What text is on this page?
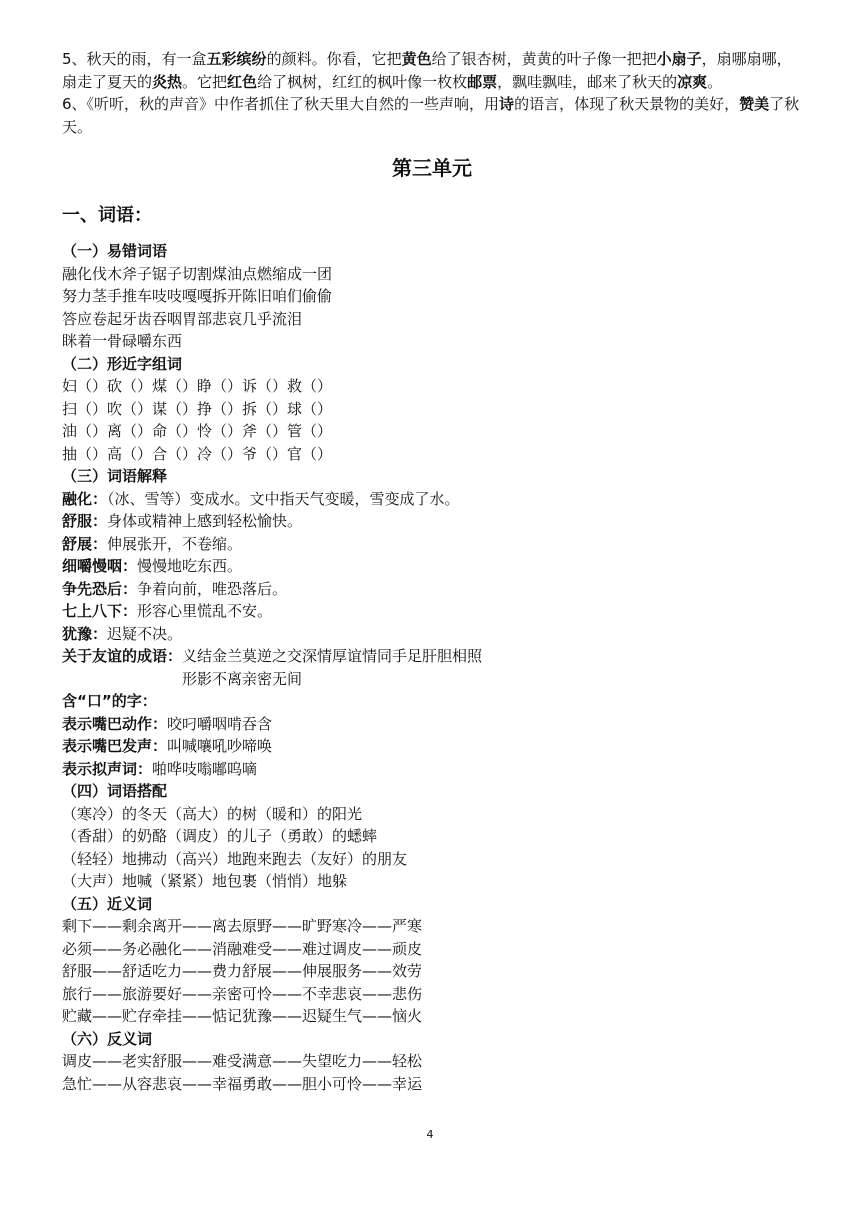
5、秋天的雨，有一盒五彩缤纷的颜料。你看，它把黄色给了银杏树，黄黄的叶子像一把把小扇子，扇哪扇哪，扇走了夏天的炎热。它把红色给了枫树，红红的枫叶像一枚枚邮票，飘哇飘哇，邮来了秋天的凉爽。

6、《听听，秋的声音》中作者抓住了秋天里大自然的一些声响，用诗的语言，体现了秋天景物的美好，赞美了秋天。

第三单元
一、词语：
（一）易错词语
融化伐木斧子锯子切割煤油点燃缩成一团
努力茎手推车吱吱嘎嘎拆开陈旧咱们偷偷
答应卷起牙齿吞咽胃部悲哀几乎流泪
眯着一骨碌嚼东西
（二）形近字组词
妇（）砍（）煤（）睁（）诉（）救（）
扫（）吹（）谋（）挣（）拆（）球（）
油（）离（）命（）怜（）斧（）管（）
抽（）高（）合（）冷（）爷（）官（）
（三）词语解释
融化：（冰、雪等）变成水。文中指天气变暖，雪变成了水。
舒服：身体或精神上感到轻松愉快。
舒展：伸展张开，不卷缩。
细嚼慢咽：慢慢地吃东西。
争先恐后：争着向前，唯恐落后。
七上八下：形容心里慌乱不安。
犹豫：迟疑不决。
关于友谊的成语： 义结金兰莫逆之交深情厚谊情同手足肝胆相照
形影不离亲密无间
含“口”的字：
表示嘴巴动作：咬叼嚼咽啃吞含
表示嘴巴发声：叫喊嚷吼吵啼唤
表示拟声词：啪哗吱嗡嘟呜嘀
（四）词语搭配
（寒冷）的冬天（高大）的树（暖和）的阳光
（香甜）的奶酪（调皮）的儿子（勇敢）的蟋蟀
（轻轻）地拂动（高兴）地跑来跑去（友好）的朋友
（大声）地喊（紧紧）地包裹（悄悄）地躲
（五）近义词
剩下——剩余离开——离去原野——旷野寒冷——严寒
必须——务必融化——消融难受——难过调皮——顽皮
舒服——舒适吃力——费力舒展——伸展服务——效劳
旅行——旅游要好——亲密可怜——不幸悲哀——悲伤
贮藏——贮存牵挂——惦记犹豫——迟疑生气——恼火
（六）反义词
调皮——老实舒服——难受满意——失望吃力——轻松
急忙——从容悲哀——幸福勇敢——胆小可怜——幸运
4
